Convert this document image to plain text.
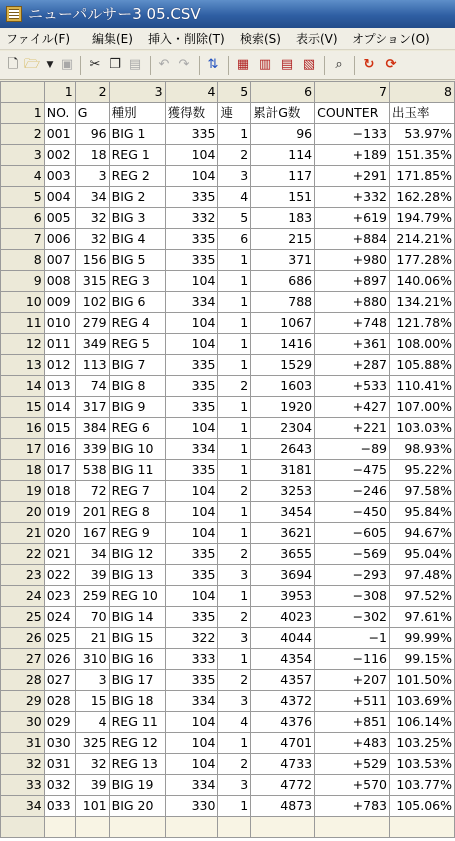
ニューパルサー3 05.CSV
ファイル(F) 編集(E) 挿入・削除(T) 検索(S) 表示(V) オプション(O)
🗋 🗁 ▼ ▣ ✂ ❐ ▤ ↶ ↷ ⇅ ▦ ▥ ▤ ▧	⌕	↻ ⟳
	1	2	3	4	5	6	7	8
1	NO.	G	種別	獲得数	連	累計G数	COUNTER	出玉率
2	001	96	BIG 1	335	1	96	−133	53.97%
3	002	18	REG 1	104	2	114	+189	151.35%
4	003	3	REG 2	104	3	117	+291	171.85%
5	004	34	BIG 2	335	4	151	+332	162.28%
6	005	32	BIG 3	332	5	183	+619	194.79%
7	006	32	BIG 4	335	6	215	+884	214.21%
8	007	156	BIG 5	335	1	371	+980	177.28%
9	008	315	REG 3	104	1	686	+897	140.06%
10	009	102	BIG 6	334	1	788	+880	134.21%
11	010	279	REG 4	104	1	1067	+748	121.78%
12	011	349	REG 5	104	1	1416	+361	108.00%
13	012	113	BIG 7	335	1	1529	+287	105.88%
14	013	74	BIG 8	335	2	1603	+533	110.41%
15	014	317	BIG 9	335	1	1920	+427	107.00%
16	015	384	REG 6	104	1	2304	+221	103.03%
17	016	339	BIG 10	334	1	2643	−89	98.93%
18	017	538	BIG 11	335	1	3181	−475	95.22%
19	018	72	REG 7	104	2	3253	−246	97.58%
20	019	201	REG 8	104	1	3454	−450	95.84%
21	020	167	REG 9	104	1	3621	−605	94.67%
22	021	34	BIG 12	335	2	3655	−569	95.04%
23	022	39	BIG 13	335	3	3694	−293	97.48%
24	023	259	REG 10	104	1	3953	−308	97.52%
25	024	70	BIG 14	335	2	4023	−302	97.61%
26	025	21	BIG 15	322	3	4044	−1	99.99%
27	026	310	BIG 16	333	1	4354	−116	99.15%
28	027	3	BIG 17	335	2	4357	+207	101.50%
29	028	15	BIG 18	334	3	4372	+511	103.69%
30	029	4	REG 11	104	4	4376	+851	106.14%
31	030	325	REG 12	104	1	4701	+483	103.25%
32	031	32	REG 13	104	2	4733	+529	103.53%
33	032	39	BIG 19	334	3	4772	+570	103.77%
34	033	101	BIG 20	330	1	4873	+783	105.06%
